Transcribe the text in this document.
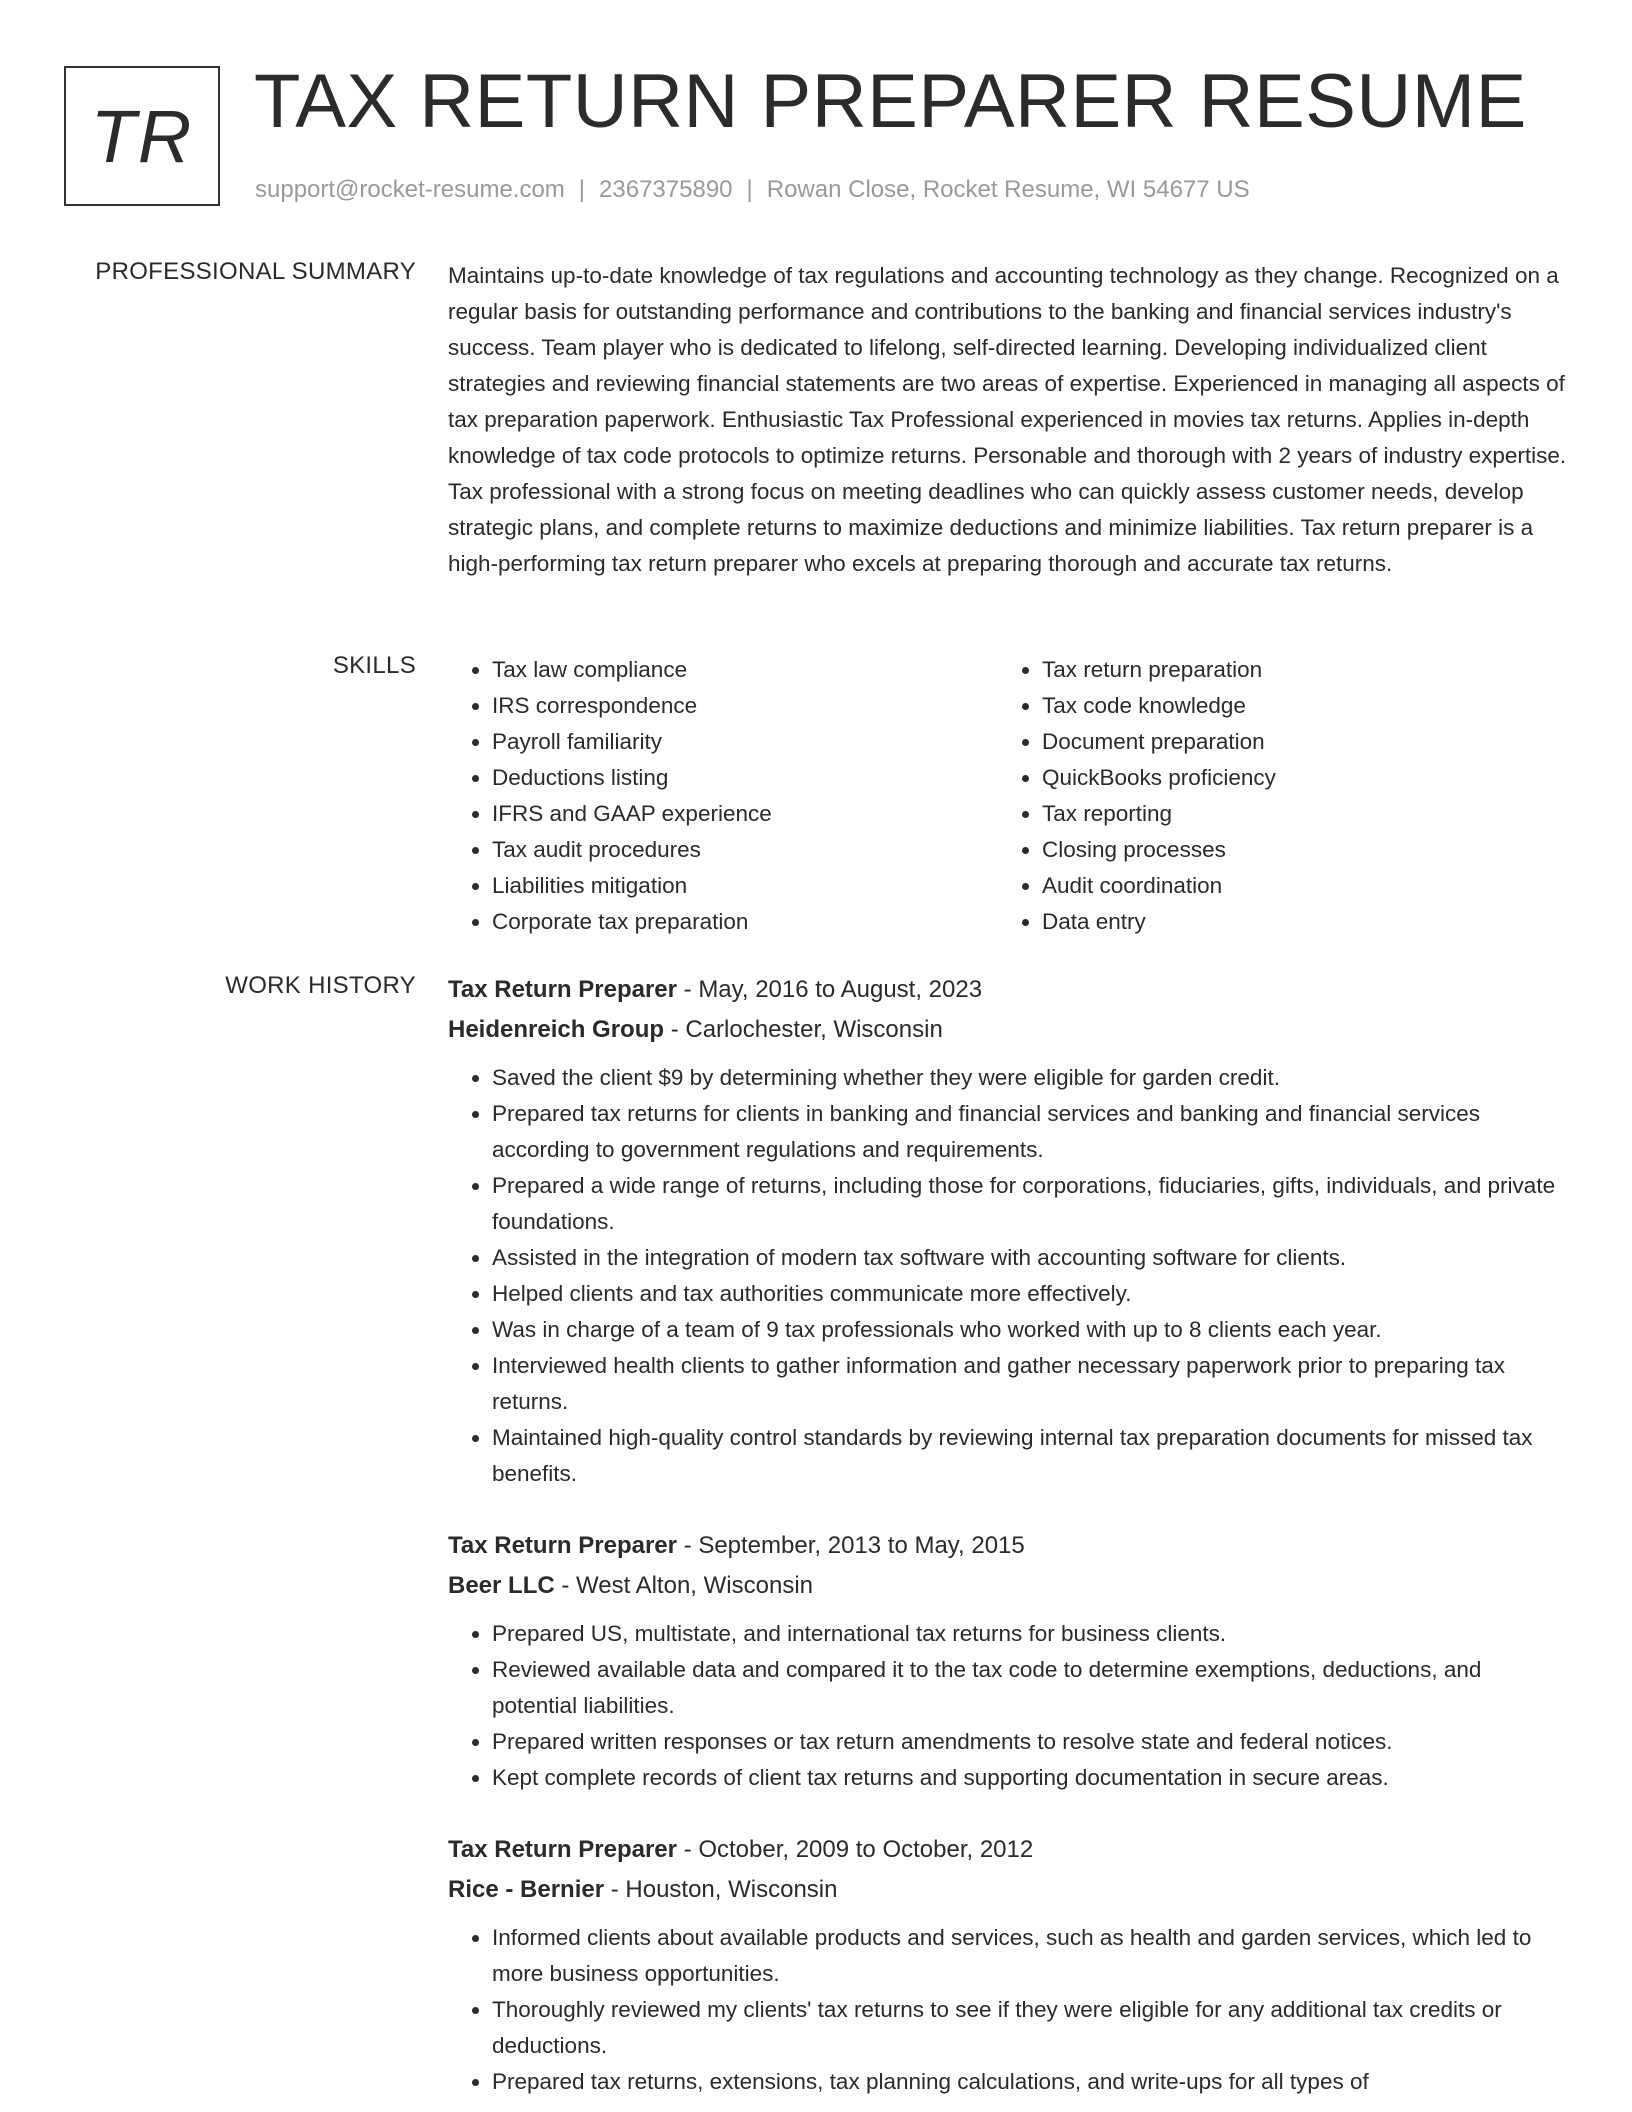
TR TAX RETURN PREPARER RESUME
support@rocket-resume.com | 2367375890 | Rowan Close, Rocket Resume, WI 54677 US
PROFESSIONAL SUMMARY Maintains up-to-date knowledge of tax regulations and accounting technology as they change. Recognized on a regular basis for outstanding performance and contributions to the banking and financial services industry's success. Team player who is dedicated to lifelong, self-directed learning. Developing individualized client strategies and reviewing financial statements are two areas of expertise. Experienced in managing all aspects of tax preparation paperwork. Enthusiastic Tax Professional experienced in movies tax returns. Applies in-depth knowledge of tax code protocols to optimize returns. Personable and thorough with 2 years of industry expertise. Tax professional with a strong focus on meeting deadlines who can quickly assess customer needs, develop strategic plans, and complete returns to maximize deductions and minimize liabilities. Tax return preparer is a high-performing tax return preparer who excels at preparing thorough and accurate tax returns.

SKILLS
•	Tax law compliance
• IRS correspondence
• Payroll familiarity
• Deductions listing
• IFRS and GAAP experience
• Tax audit procedures
• Liabilities mitigation
• Corporate tax preparation
• Tax return preparation
• Tax code knowledge
• Document preparation
• QuickBooks proficiency
• Tax reporting
• Closing processes
• Audit coordination
• Data entry
WORK HISTORY Tax Return Preparer - May, 2016 to August, 2023
Heidenreich Group - Carlochester, Wisconsin
• Saved the client $9 by determining whether they were eligible for garden credit.
• Prepared tax returns for clients in banking and financial services and banking and financial services according to government regulations and requirements.
• Prepared a wide range of returns, including those for corporations, fiduciaries, gifts, individuals, and private foundations.
• Assisted in the integration of modern tax software with accounting software for clients.
• Helped clients and tax authorities communicate more effectively.
• Was in charge of a team of 9 tax professionals who worked with up to 8 clients each year.
• Interviewed health clients to gather information and gather necessary paperwork prior to preparing tax returns.
• Maintained high-quality control standards by reviewing internal tax preparation documents for missed tax benefits.
Tax Return Preparer - September, 2013 to May, 2015
Beer LLC - West Alton, Wisconsin
• Prepared US, multistate, and international tax returns for business clients.
• Reviewed available data and compared it to the tax code to determine exemptions, deductions, and potential liabilities.
• Prepared written responses or tax return amendments to resolve state and federal notices.
• Kept complete records of client tax returns and supporting documentation in secure areas.
Tax Return Preparer - October, 2009 to October, 2012
Rice - Bernier - Houston, Wisconsin
• Informed clients about available products and services, such as health and garden services, which led to more business opportunities.
• Thoroughly reviewed my clients' tax returns to see if they were eligible for any additional tax credits or deductions.
• Prepared tax returns, extensions, tax planning calculations, and write-ups for all types of
